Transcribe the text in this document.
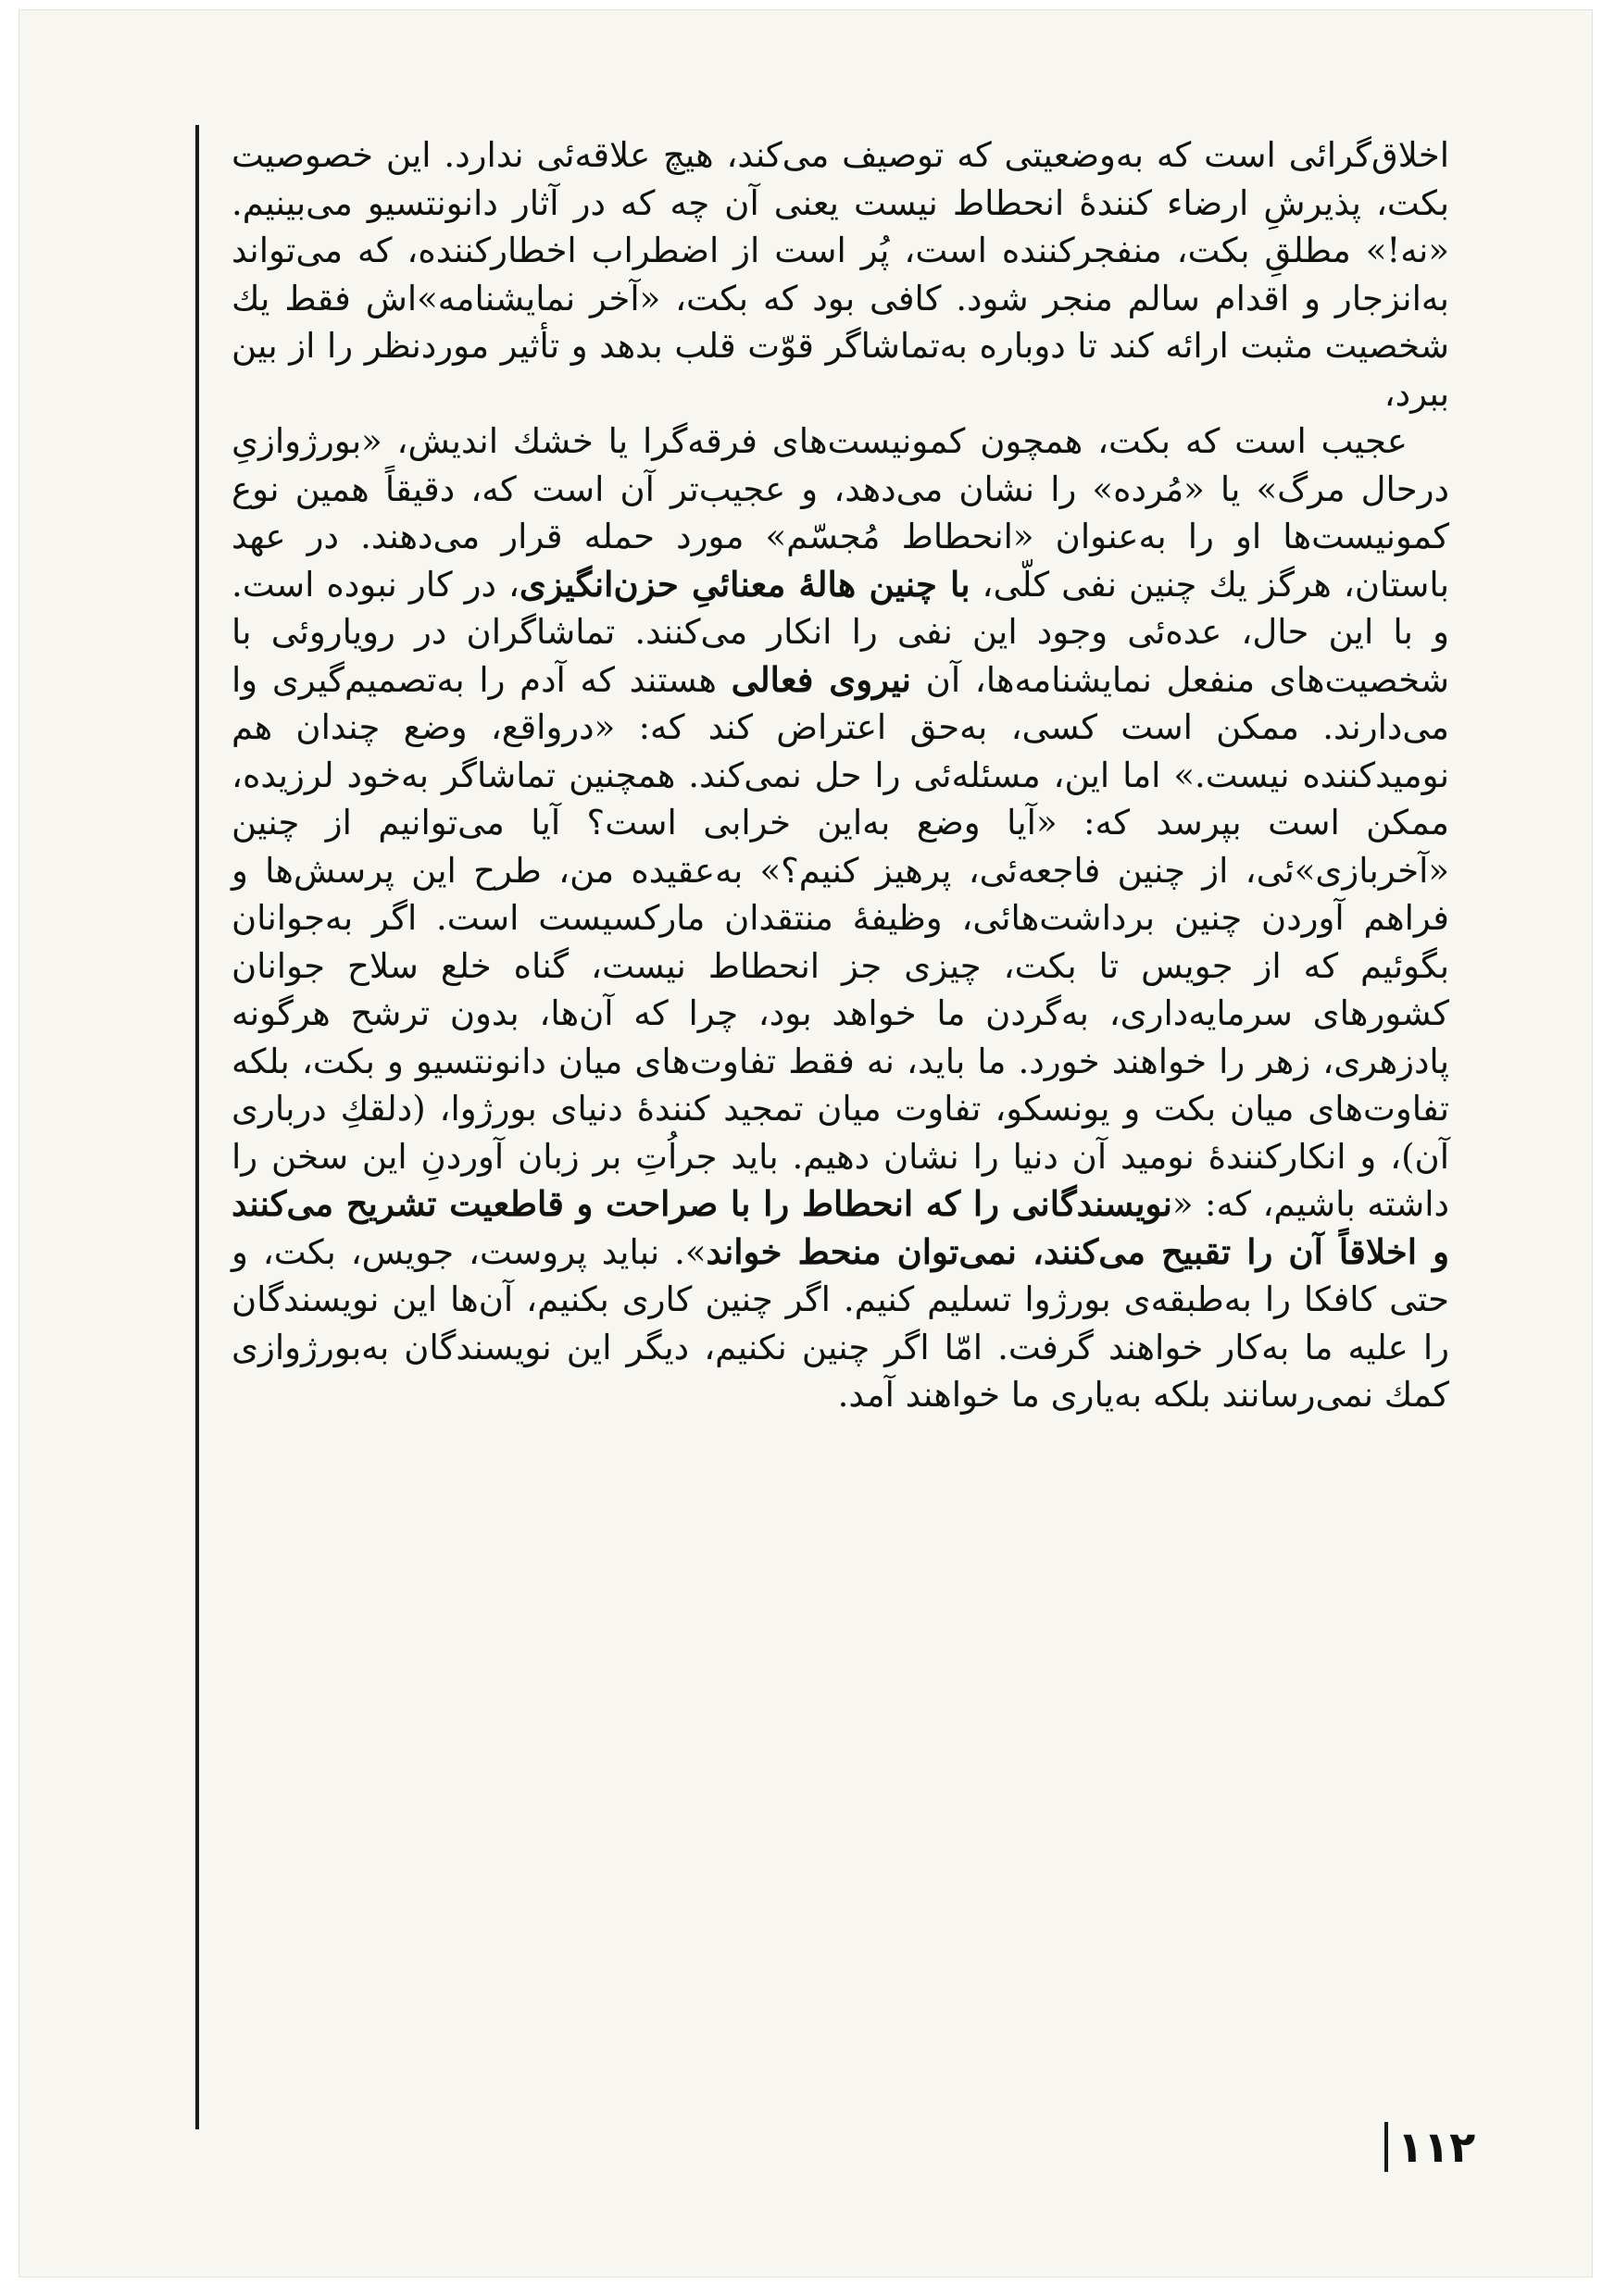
اخلاق‌گرائی است که به‌وضعیتی که توصیف می‌کند، هیچ علاقه‌ئی ندارد. این خصوصیت بکت، پذیرشِ ارضاء کنندهٔ انحطاط نیست یعنی آن چه که در آثار دانونتسیو می‌بینیم. «نه!» مطلقِ بکت، منفجرکننده است، پُر است از اضطراب اخطارکننده، که می‌تواند به‌انزجار و اقدام سالم منجر شود. کافی بود که بکت، «آخر نمایشنامه»اش فقط یك شخصیت مثبت ارائه کند تا دوباره به‌تماشاگر قوّت قلب بدهد و تأثیر موردنظر را از بین ببرد،

عجیب است که بکت، همچون کمونیست‌های فرقه‌گرا یا خشك اندیش، «بورژوازیِ درحال مرگ» یا «مُرده» را نشان می‌دهد، و عجیب‌تر آن است که، دقیقاً همین نوع کمونیست‌ها او را به‌عنوان «انحطاط مُجسّم» مورد حمله قرار می‌دهند. در عهد باستان، هرگز یك چنین نفی کلّی، با چنین هالهٔ معنائیِ حزن‌انگیزی، در کار نبوده است. و با این حال، عده‌ئی وجود این نفی را انکار می‌کنند. تماشاگران در رویاروئی با شخصیت‌های منفعل نمایشنامه‌ها، آن نیروی فعالی هستند که آدم را به‌تصمیم‌گیری وا می‌دارند. ممکن است کسی، به‌حق اعتراض کند که: «درواقع، وضع چندان هم نومیدکننده نیست.» اما این، مسئله‌ئی را حل نمی‌کند. همچنین تماشاگر به‌خود لرزیده، ممکن است بپرسد که: «آیا وضع به‌این خرابی است؟ آیا می‌توانیم از چنین «آخربازی»ئی، از چنین فاجعه‌ئی، پرهیز کنیم؟» به‌عقیده من، طرح این پرسش‌ها و فراهم آوردن چنین برداشت‌هائی، وظیفهٔ منتقدان مارکسیست است. اگر به‌جوانان بگوئیم که از جویس تا بکت، چیزی جز انحطاط نیست، گناه خلع سلاح جوانان کشورهای سرمایه‌داری، به‌گردن ما خواهد بود، چرا که آن‌ها، بدون ترشح هرگونه پادزهری، زهر را خواهند خورد. ما باید، نه فقط تفاوت‌های میان دانونتسیو و بکت، بلکه تفاوت‌های میان بکت و یونسکو، تفاوت میان تمجید کنندهٔ دنیای بورژوا، (دلقكِ درباری آن)، و انکارکنندهٔ نومید آن دنیا را نشان دهیم. باید جراُتِ بر زبان آوردنِ این سخن را داشته باشیم، که: «نویسندگانی را که انحطاط را با صراحت و قاطعیت تشریح می‌کنند و اخلاقاً آن را تقبیح می‌کنند، نمی‌توان منحط خواند». نباید پروست، جویس، بکت، و حتی کافکا را به‌طبقه‌ی بورژوا تسلیم کنیم. اگر چنین کاری بکنیم، آن‌ها این نویسندگان را علیه ما به‌کار خواهند گرفت. امّا اگر چنین نکنیم، دیگر این نویسندگان به‌بورژوازی کمك نمی‌رسانند بلکه به‌یاری ما خواهند آمد.

۱۱۲
